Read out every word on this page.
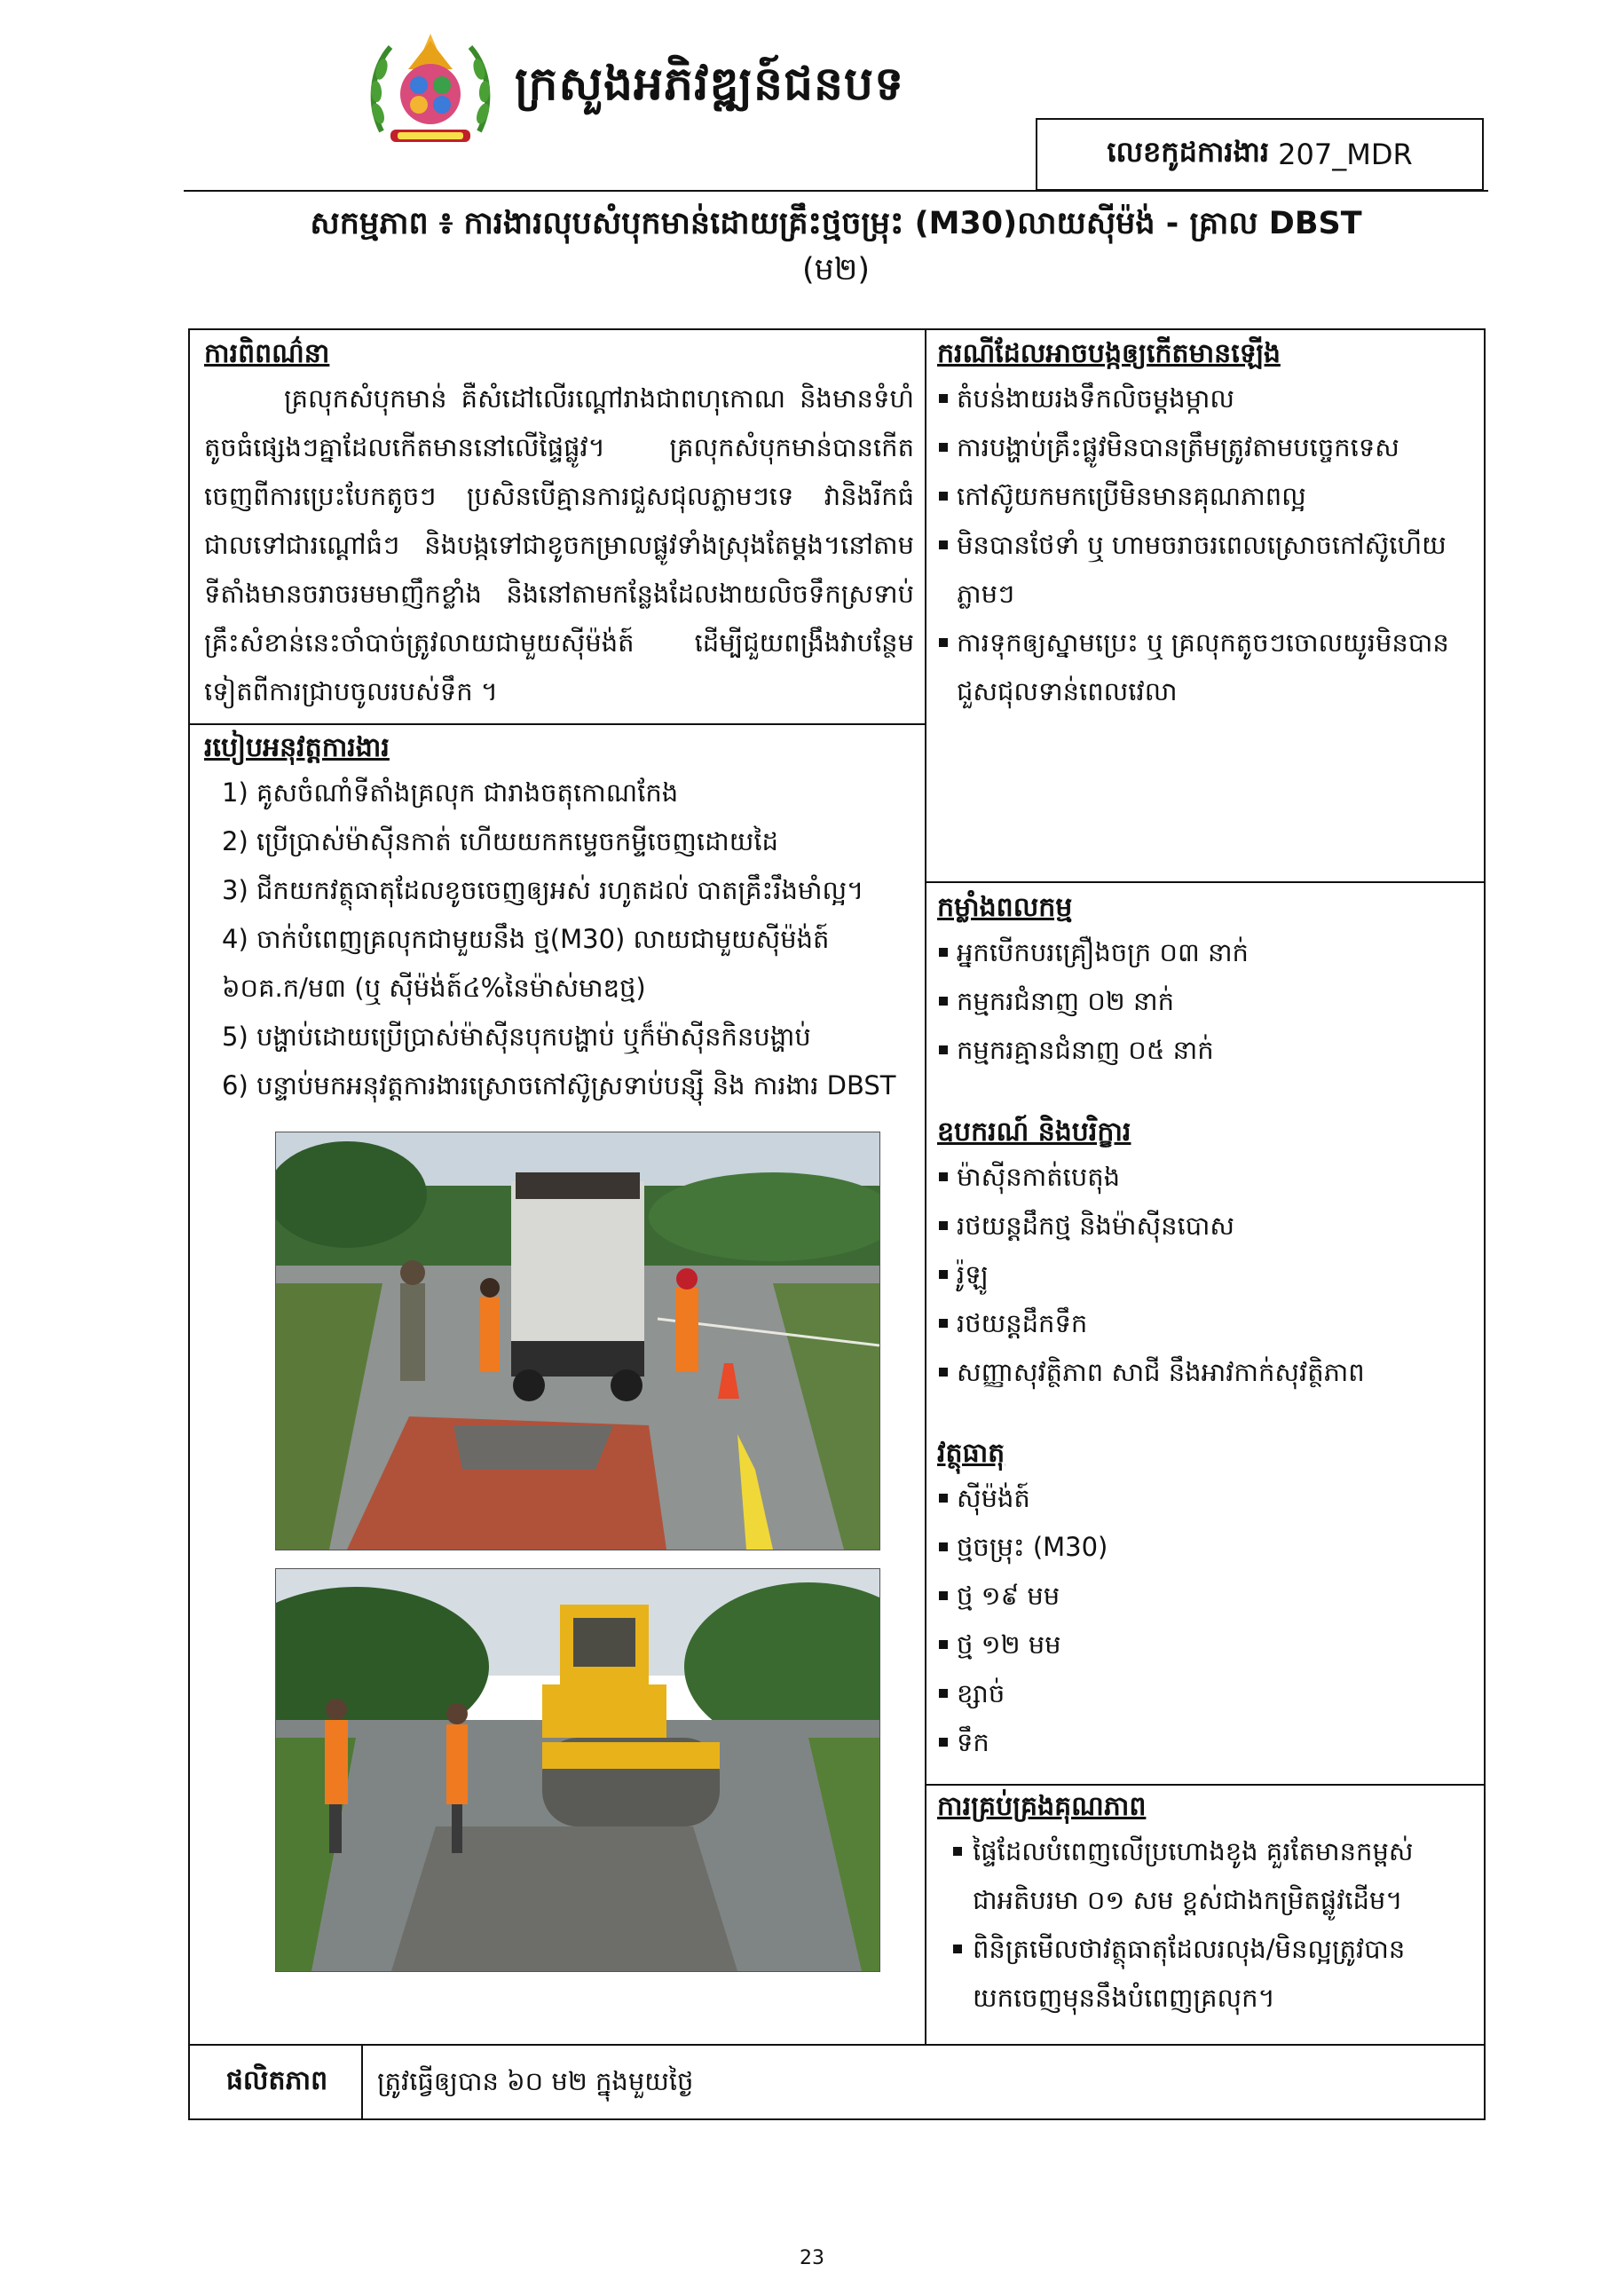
ក្រសួងអភិវឌ្ឍន៍ជនបទ
លេខកូដការងារ 207_MDR
សកម្មភាព ៖ ការងារលុបសំបុកមាន់ដោយគ្រឹះថ្មចម្រុះ (M30)លាយស៊ីម៉ង់ - គ្រាល DBST
(ម២)
ការពិពណ៌នា
គ្រលុកសំបុកមាន់ គឺសំដៅលើរណ្តៅរាងជាពហុកោណ និងមានទំហំតូចធំផ្សេងៗគ្នាដែលកើតមាននៅលើផ្ទៃផ្លូវ។ គ្រលុកសំបុកមាន់បានកើតចេញពីការប្រេះបែកតូចៗ ប្រសិនបើគ្មានការជួសជុលភ្លាមៗទេ វានិងរីកធំជាលទៅជារណ្តៅធំៗ និងបង្កទៅជាខូចកម្រាលផ្លូវទាំងស្រុងតែម្តង។នៅតាមទីតាំងមានចរាចរមមាញឹកខ្លាំង និងនៅតាមកន្លែងដែលងាយលិចទឹកស្រទាប់គ្រឹះសំខាន់នេះចាំបាច់ត្រូវលាយជាមួយស៊ីម៉ង់ត៍ ដើម្បីជួយពង្រឹងវាបន្ថែមទៀតពីការជ្រាបចូលរបស់ទឹក ។
ករណីដែលអាចបង្កឲ្យកើតមានឡើង
តំបន់ងាយរងទឹកលិចម្តងម្កាល
ការបង្ហាប់គ្រឹះផ្លូវមិនបានត្រឹមត្រូវតាមបច្ចេកទេស
កៅស៊ូយកមកប្រើមិនមានគុណភាពល្អ
មិនបានថែទាំ ឬ ហាមចរាចរពេលស្រោចកៅស៊ូហើយភ្លាមៗ
ការទុកឲ្យស្នាមប្រេះ ឬ គ្រលុកតូចៗចោលយូរមិនបានជួសជុលទាន់ពេលវេលា
របៀបអនុវត្តការងារ
1) គូសចំណាំទីតាំងគ្រលុក ជារាងចតុកោណកែង
2) ប្រើប្រាស់ម៉ាស៊ីនកាត់ ហើយយកកម្ទេចកម្ទីចេញដោយដៃ
3) ជីកយកវត្ថុធាតុដែលខូចចេញឲ្យអស់ រហូតដល់ បាតគ្រឹះរឹងមាំល្អ។
4) ចាក់បំពេញគ្រលុកជាមួយនឹង ថ្ម(M30) លាយជាមួយស៊ីម៉ង់ត៍ ៦០គ.ក/ម៣ (ឬ ស៊ីម៉ង់ត៍៤%នៃម៉ាស់មាឌថ្ម)
5) បង្ហាប់ដោយប្រើប្រាស់ម៉ាស៊ីនបុកបង្ហាប់ ឬក៏ម៉ាស៊ីនកិនបង្ហាប់
6) បន្ទាប់មកអនុវត្តការងារស្រោចកៅស៊ូស្រទាប់បន្សុី និង ការងារ DBST
កម្លាំងពលកម្ម
អ្នកបើកបរគ្រឿងចក្រ ០៣ នាក់
កម្មករជំនាញ ០២ នាក់
កម្មករគ្មានជំនាញ ០៥ នាក់
ឧបករណ៍ និងបរិក្ខារ
ម៉ាស៊ីនកាត់បេតុង
រថយន្តដឹកថ្ម និងម៉ាស៊ីនបោស
រ៉ូឡូ
រថយន្តដឹកទឹក
សញ្ញាសុវត្ថិភាព សាជី នឹងអាវកាក់សុវត្ថិភាព
វត្ថុធាតុ
ស៊ីម៉ង់ត៍
ថ្មចម្រុះ (M30)
ថ្ម ១៩ មម
ថ្ម ១២ មម
ខ្សាច់
ទឹក
ការគ្រប់គ្រងគុណភាព
ផ្ទៃដែលបំពេញលើប្រហោងខូង គួរតែមានកម្ពស់ជាអតិបរមា ០១ សម ខ្ពស់ជាងកម្រិតផ្លូវដើម។
ពិនិត្រមើលថាវត្ថុធាតុដែលរលុង/មិនល្អត្រូវបានយកចេញមុននឹងបំពេញគ្រលុក។
ផលិតភាព	ត្រូវធ្វើឲ្យបាន ៦០ ម២ ក្នុងមួយថ្ងៃ
23
